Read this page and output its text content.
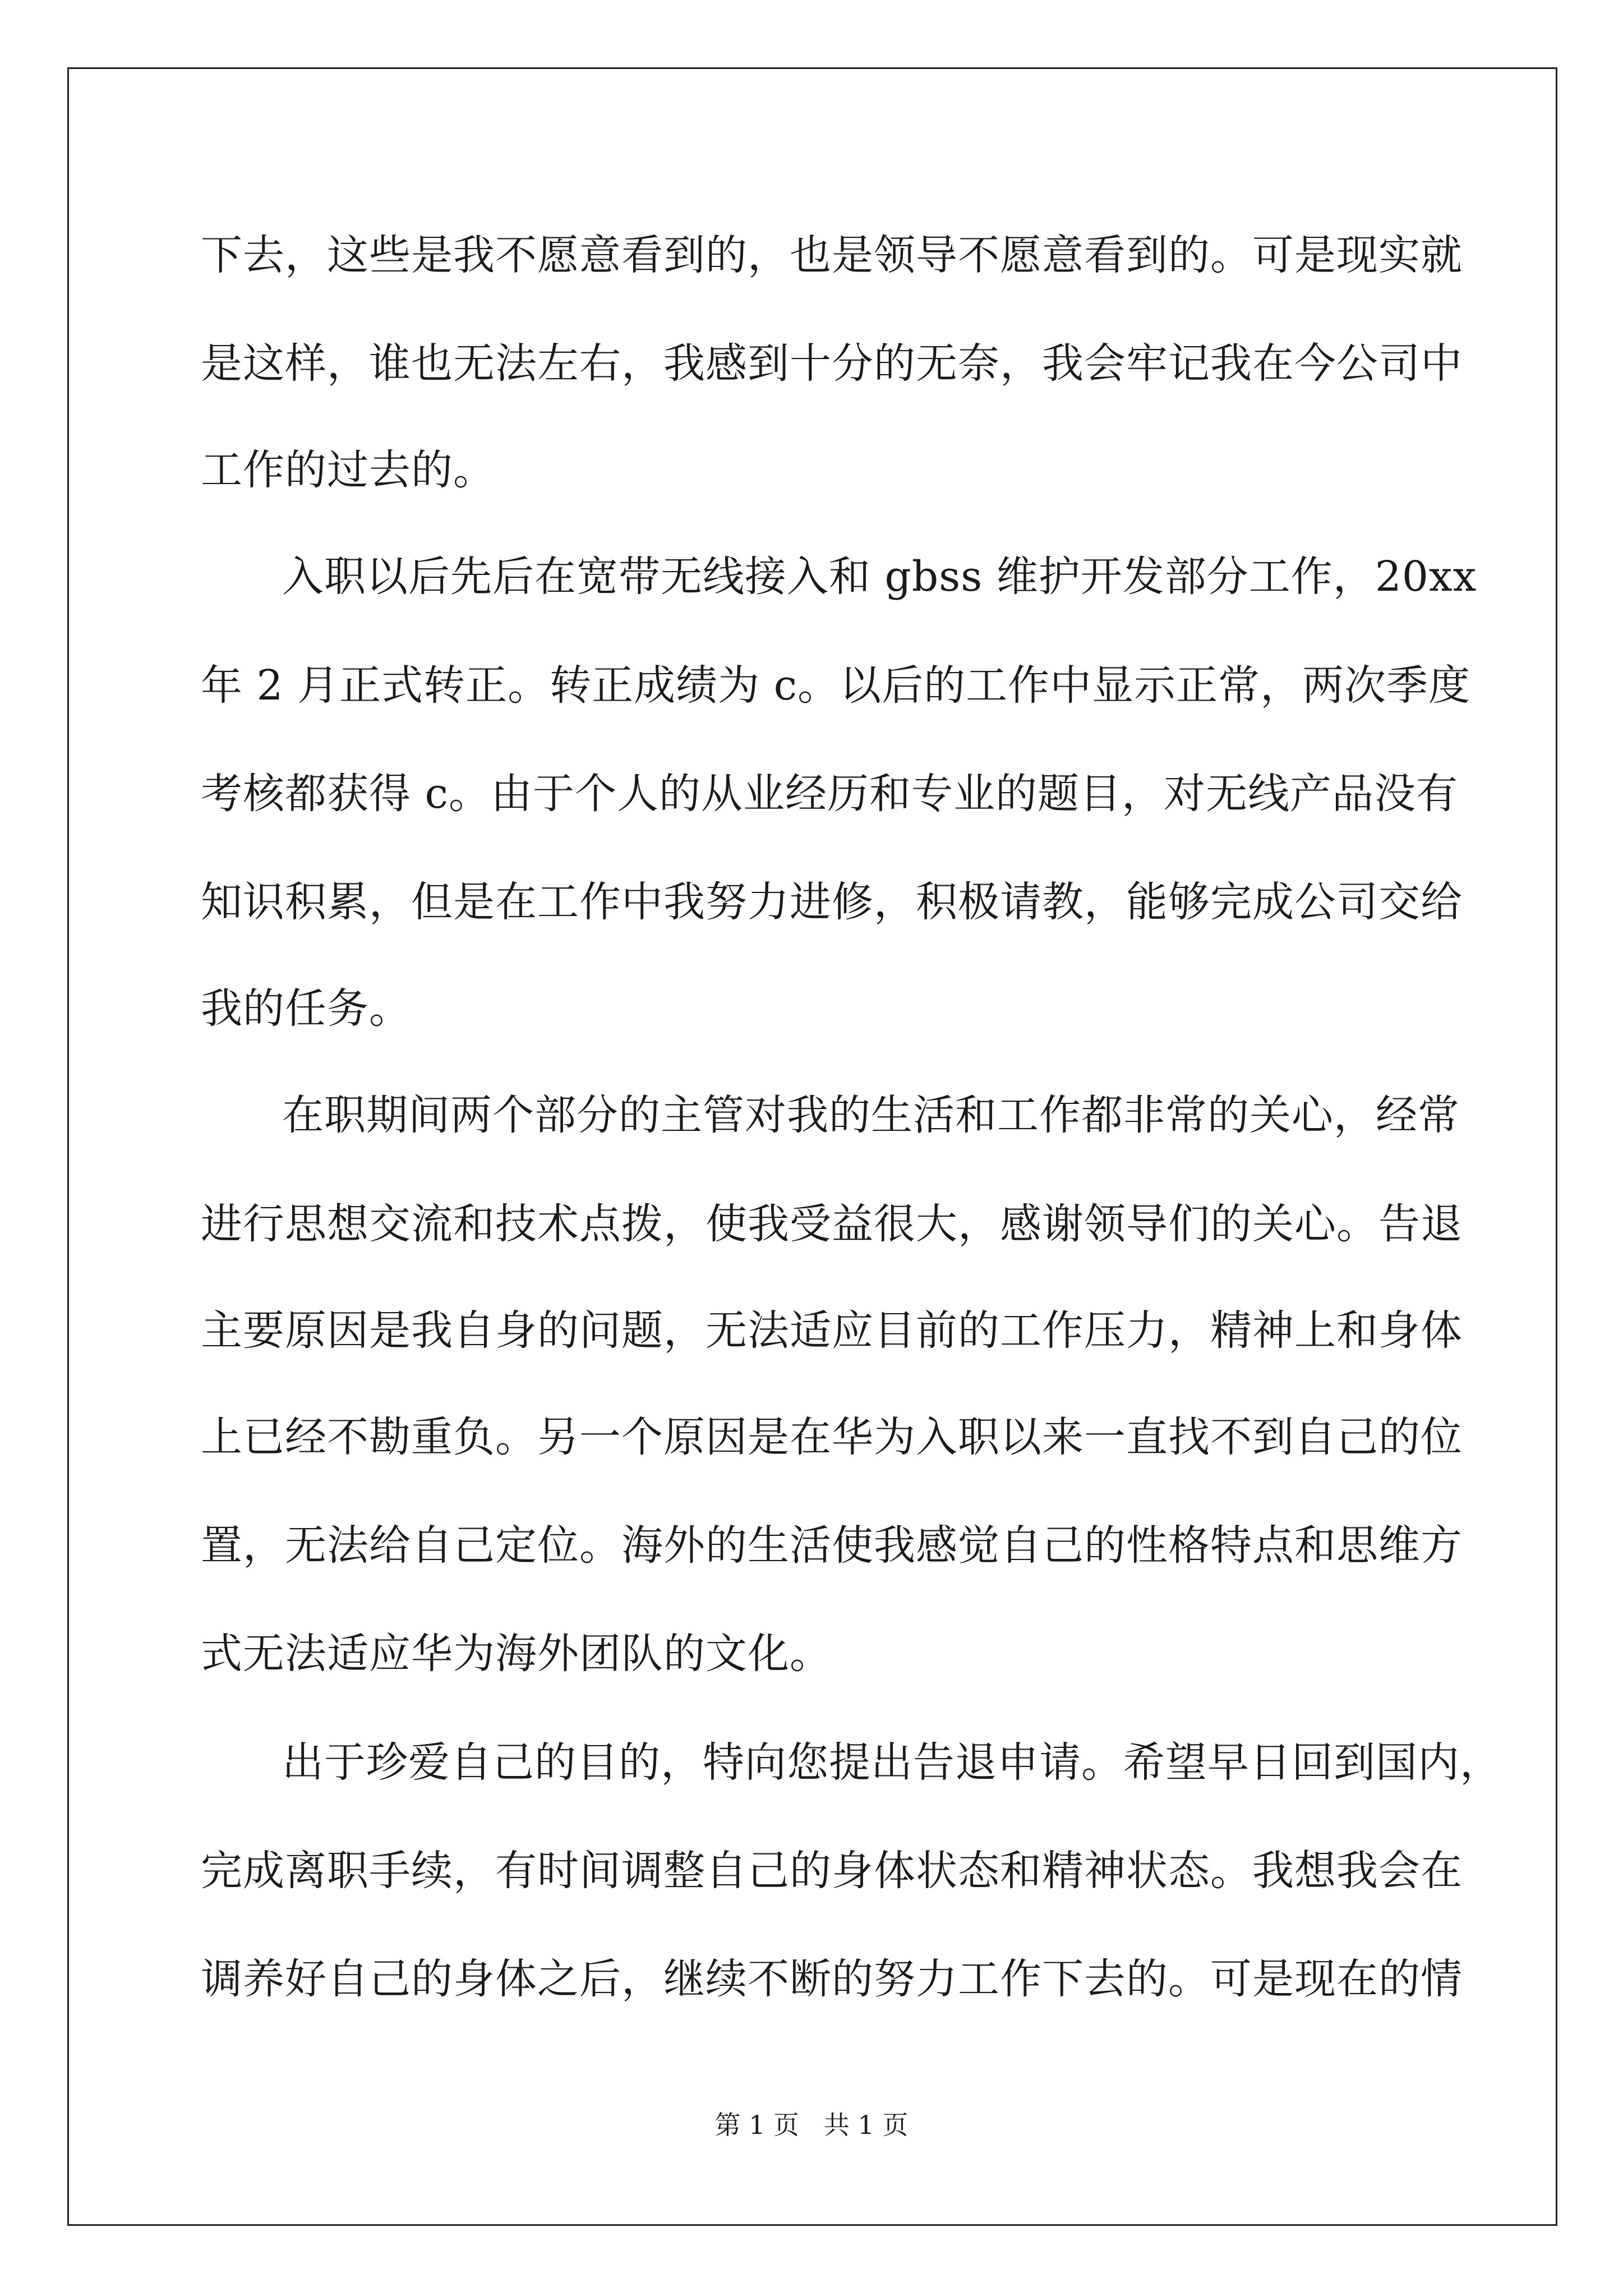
下去，这些是我不愿意看到的，也是领导不愿意看到的。可是现实就
是这样，谁也无法左右，我感到十分的无奈，我会牢记我在今公司中
工作的过去的。
入职以后先后在宽带无线接入和 gbss 维护开发部分工作，20xx
年 2 月正式转正。转正成绩为 c。以后的工作中显示正常，两次季度
考核都获得 c。由于个人的从业经历和专业的题目，对无线产品没有
知识积累，但是在工作中我努力进修，积极请教，能够完成公司交给
我的任务。
在职期间两个部分的主管对我的生活和工作都非常的关心，经常
进行思想交流和技术点拨，使我受益很大，感谢领导们的关心。告退
主要原因是我自身的问题，无法适应目前的工作压力，精神上和身体
上已经不勘重负。另一个原因是在华为入职以来一直找不到自己的位
置，无法给自己定位。海外的生活使我感觉自己的性格特点和思维方
式无法适应华为海外团队的文化。
出于珍爱自己的目的，特向您提出告退申请。希望早日回到国内，
完成离职手续，有时间调整自己的身体状态和精神状态。我想我会在
调养好自己的身体之后，继续不断的努力工作下去的。可是现在的情
第 1 页   共 1 页
